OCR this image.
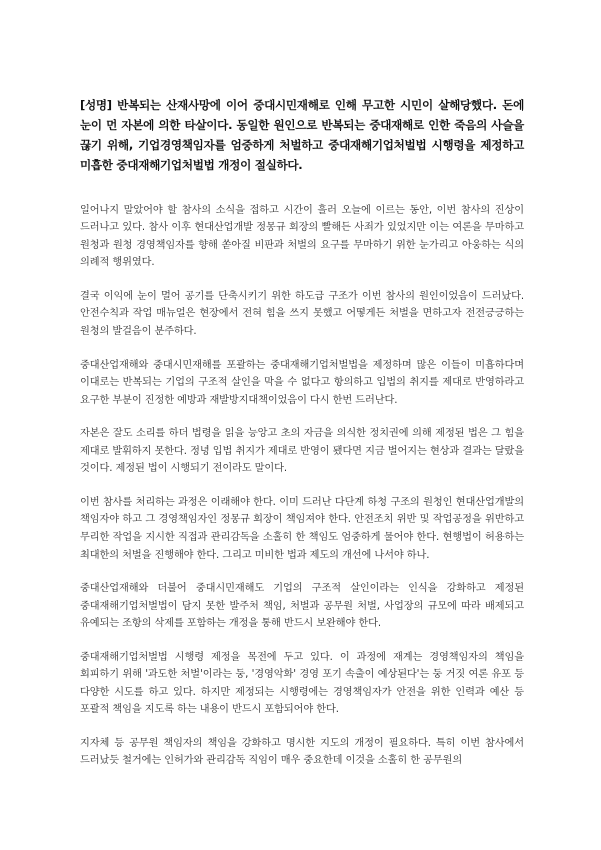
[성명] 반복되는 산재사망에 이어 중대시민재해로 인해 무고한 시민이 살해당했다. 돈에 눈이 먼 자본에 의한 타살이다. 동일한 원인으로 반복되는 중대재해로 인한 죽음의 사슬을 끊기 위해, 기업경영책임자를 엄중하게 처벌하고 중대재해기업처벌법 시행령을 제정하고 미흡한 중대재해기업처벌법 개정이 절실하다.

일어나지 말았어야 할 참사의 소식을 접하고 시간이 흘러 오늘에 이르는 동안, 이번 참사의 진상이 드러나고 있다. 참사 이후 현대산업개발 정몽규 회장의 빨해든 사죄가 있었지만 이는 여론을 무마하고 원청과 원청 경영책임자를 향해 쏟아질 비판과 처벌의 요구를 무마하기 위한 눈가리고 아웅하는 식의 의례적 행위였다.

결국 이익에 눈이 멀어 공기를 단축시키기 위한 하도급 구조가 이번 참사의 원인이었음이 드러났다. 안전수칙과 작업 매뉴얼은 현장에서 전혀 힘을 쓰지 못했고 어떻게든 처벌을 면하고자 전전긍긍하는 원청의 발걸음이 분주하다.

중대산업재해와 중대시민재해를 포괄하는 중대재해기업처벌법을 제정하며 많은 이들이 미흡하다며 이대로는 반복되는 기업의 구조적 살인을 막을 수 없다고 항의하고 입법의 취지를 제대로 반영하라고 요구한 부분이 진정한 예방과 재발방지대책이었음이 다시 한번 드러난다.

자본은 잘도 소리를 하더 법령을 읽을 능앙고 초의 자금을 의식한 정치권에 의해 제정된 법은 그 힘을 제대로 발휘하지 못한다. 정녕 입법 취지가 제대로 반영이 됐다면 지금 벌어지는 현상과 결과는 달랐을 것이다. 제정된 법이 시행되기 전이라도 말이다.

이번 참사를 처리하는 과정은 이래해야 한다. 이미 드러난 다단계 하청 구조의 원청인 현대산업개발의 책임자야 하고 그 경영책임자인 정몽규 회장이 책임져야 한다. 안전조치 위반 및 작업공정을 위반하고 무리한 작업을 지시한 직접과 관리감독을 소홀히 한 책임도 엄중하게 물어야 한다. 현행법이 허용하는 최대한의 처벌을 진행해야 한다. 그리고 미비한 법과 제도의 개선에 나서야 하나.

중대산업재해와 더불어 중대시민재해도 기업의 구조적 살인이라는 인식을 강화하고 제정된 중대재해기업처벌법이 담지 못한 발주처 책임, 처벌과 공무원 처벌, 사업장의 규모에 따라 배제되고 유예되는 조항의 삭제를 포함하는 개정을 통해 반드시 보완해야 한다.

중대재해기업처벌법 시행령 제정을 목전에 두고 있다. 이 과정에 재계는 경영책임자의 책임을 회피하기 위해 '과도한 처벌'이라는 둥, '경영악화' 경영 포기 속출이 예상된다'는 둥 거짓 여론 유포 등 다양한 시도를 하고 있다. 하지만 제정되는 시행령에는 경영책임자가 안전을 위한 인력과 예산 등 포괄적 책임을 지도록 하는 내용이 반드시 포함되어야 한다.

지자체 등 공무원 책임자의 책임을 강화하고 명시한 지도의 개정이 필요하다. 특히 이번 참사에서 드러났듯 철거에는 인허가와 관리감독 직임이 매우 중요한데 이것을 소홀히 한 공무원의
